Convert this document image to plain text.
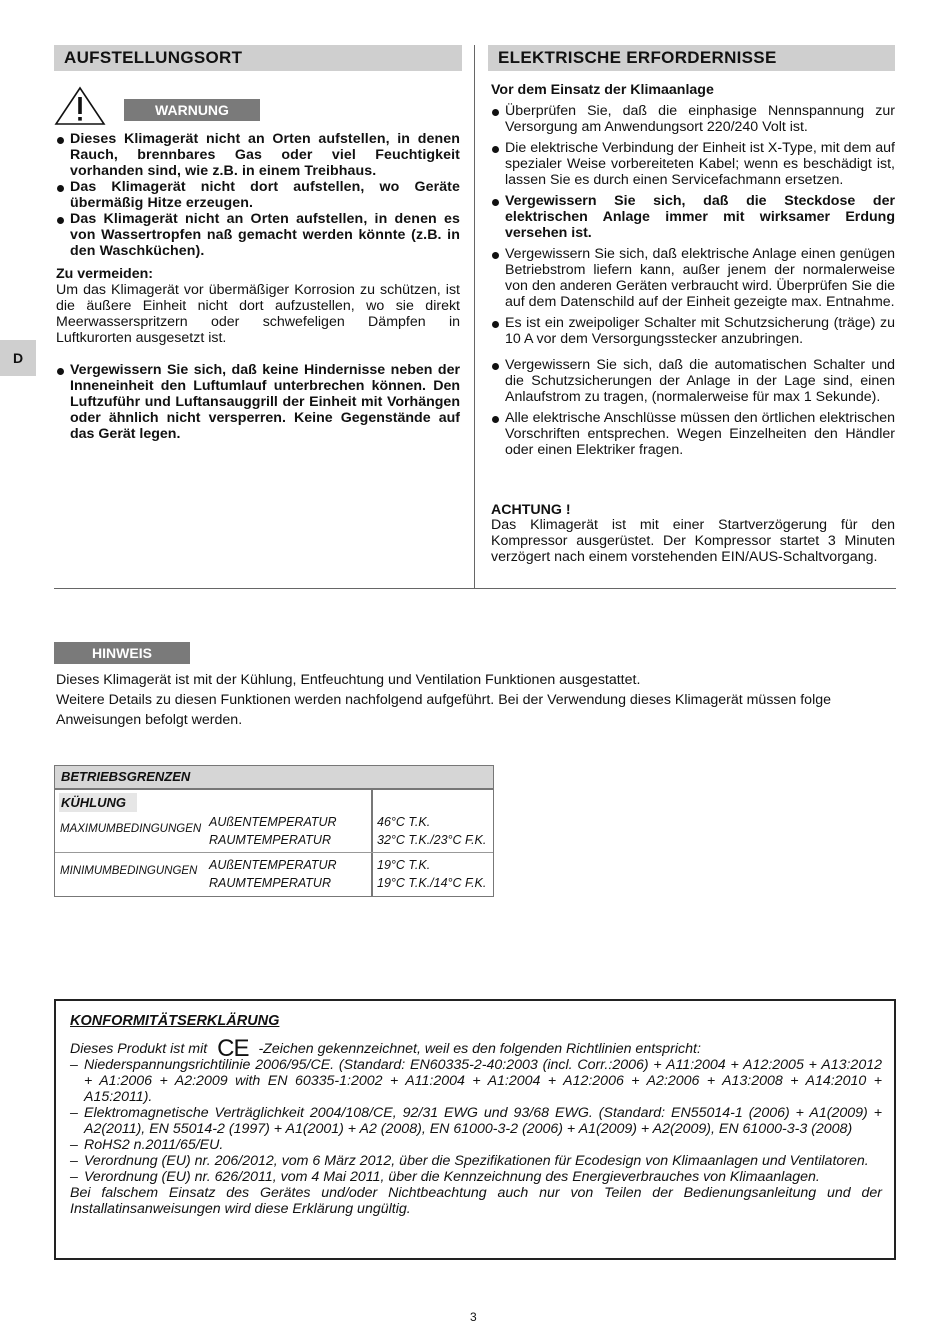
AUFSTELLUNGSORT
WARNUNG
Dieses Klimagerät nicht an Orten aufstellen, in denen Rauch, brennbares Gas oder viel Feuchtigkeit vorhanden sind, wie z.B. in einem Treibhaus.
Das Klimagerät nicht dort aufstellen, wo Geräte übermäßig Hitze erzeugen.
Das Klimagerät nicht an Orten aufstellen, in denen es von Wassertropfen naß gemacht werden könnte (z.B. in den Waschküchen).
Zu vermeiden:
Um das Klimagerät vor übermäßiger Korrosion zu schützen, ist die äußere Einheit nicht dort aufzustellen, wo sie direkt Meerwasserspritzern oder schwefeligen Dämpfen in Luftkurorten ausgesetzt ist.
Vergewissern Sie sich, daß keine Hindernisse neben der Inneneinheit den Luftumlauf unterbrechen können. Den Luftzuführ und Luftansauggrill der Einheit mit Vorhängen oder ähnlich nicht versperren. Keine Gegenstände auf das Gerät legen.
D
ELEKTRISCHE ERFORDERNISSE
Vor dem Einsatz der Klimaanlage
Überprüfen Sie, daß die einphasige Nennspannung zur Versorgung am Anwendungsort 220/240 Volt ist.
Die elektrische Verbindung der Einheit ist X-Type, mit dem auf spezialer Weise vorbereiteten Kabel; wenn es beschädigt ist, lassen Sie es durch einen Servicefachmann ersetzen.
Vergewissern Sie sich, daß die Steckdose der elektrischen Anlage immer mit wirksamer Erdung versehen ist.
Vergewissern Sie sich, daß elektrische Anlage einen genügen Betriebstrom liefern kann, außer jenem der normalerweise von den anderen Geräten verbraucht wird. Überprüfen Sie die auf dem Datenschild auf der Einheit gezeigte max. Entnahme.
Es ist ein zweipoliger Schalter mit Schutzsicherung (träge) zu 10 A vor dem Versorgungsstecker anzubringen.
Vergewissern Sie sich, daß die automatischen Schalter und die Schutzsicherungen der Anlage in der Lage sind, einen Anlaufstrom zu tragen, (normalerweise für max 1 Sekunde).
Alle elektrische Anschlüsse müssen den örtlichen elektrischen Vorschriften entsprechen. Wegen Einzelheiten den Händler oder einen Elektriker fragen.
ACHTUNG !
Das Klimagerät ist mit einer Startverzögerung für den Kompressor ausgerüstet. Der Kompressor startet 3 Minuten verzögert nach einem vorstehenden EIN/AUS-Schaltvorgang.
HINWEIS
Dieses Klimagerät ist mit der Kühlung, Entfeuchtung und Ventilation Funktionen ausgestattet.
Weitere Details zu diesen Funktionen werden nachfolgend aufgeführt. Bei der Verwendung dieses Klimagerät müssen folge Anweisungen befolgt werden.
BETRIEBSGRENZEN
KÜHLUNG
MAXIMUMBEDINGUNGEN AUßENTEMPERATUR
RAUMTEMPERATUR
46°C T.K.
32°C T.K./23°C F.K.
MINIMUMBEDINGUNGEN AUßENTEMPERATUR
RAUMTEMPERATUR
19°C T.K.
19°C T.K./14°C F.K.
KONFORMITÄTSERKLÄRUNG
Dieses Produkt ist mit CE -Zeichen gekennzeichnet, weil es den folgenden Richtlinien entspricht:
– Niederspannungsrichtilinie 2006/95/CE. (Standard: EN60335-2-40:2003 (incl. Corr.:2006) + A11:2004 + A12:2005 + A13:2012 + A1:2006 + A2:2009 with EN 60335-1:2002 + A11:2004 + A1:2004 + A12:2006 + A2:2006 + A13:2008 + A14:2010 + A15:2011).
– Elektromagnetische Verträglichkeit 2004/108/CE, 92/31 EWG und 93/68 EWG. (Standard: EN55014-1 (2006) + A1(2009) + A2(2011), EN 55014-2 (1997) + A1(2001) + A2 (2008), EN 61000-3-2 (2006) + A1(2009) + A2(2009), EN 61000-3-3 (2008)
– RoHS2 n.2011/65/EU.
– Verordnung (EU) nr. 206/2012, vom 6 März 2012, über die Spezifikationen für Ecodesign von Klimaanlagen und Ventilatoren.
– Verordnung (EU) nr. 626/2011, vom 4 Mai 2011, über die Kennzeichnung des Energieverbrauches von Klimaanlagen.
Bei falschem Einsatz des Gerätes und/oder Nichtbeachtung auch nur von Teilen der Bedienungsanleitung und der Installatinsanweisungen wird diese Erklärung ungültig.
3
